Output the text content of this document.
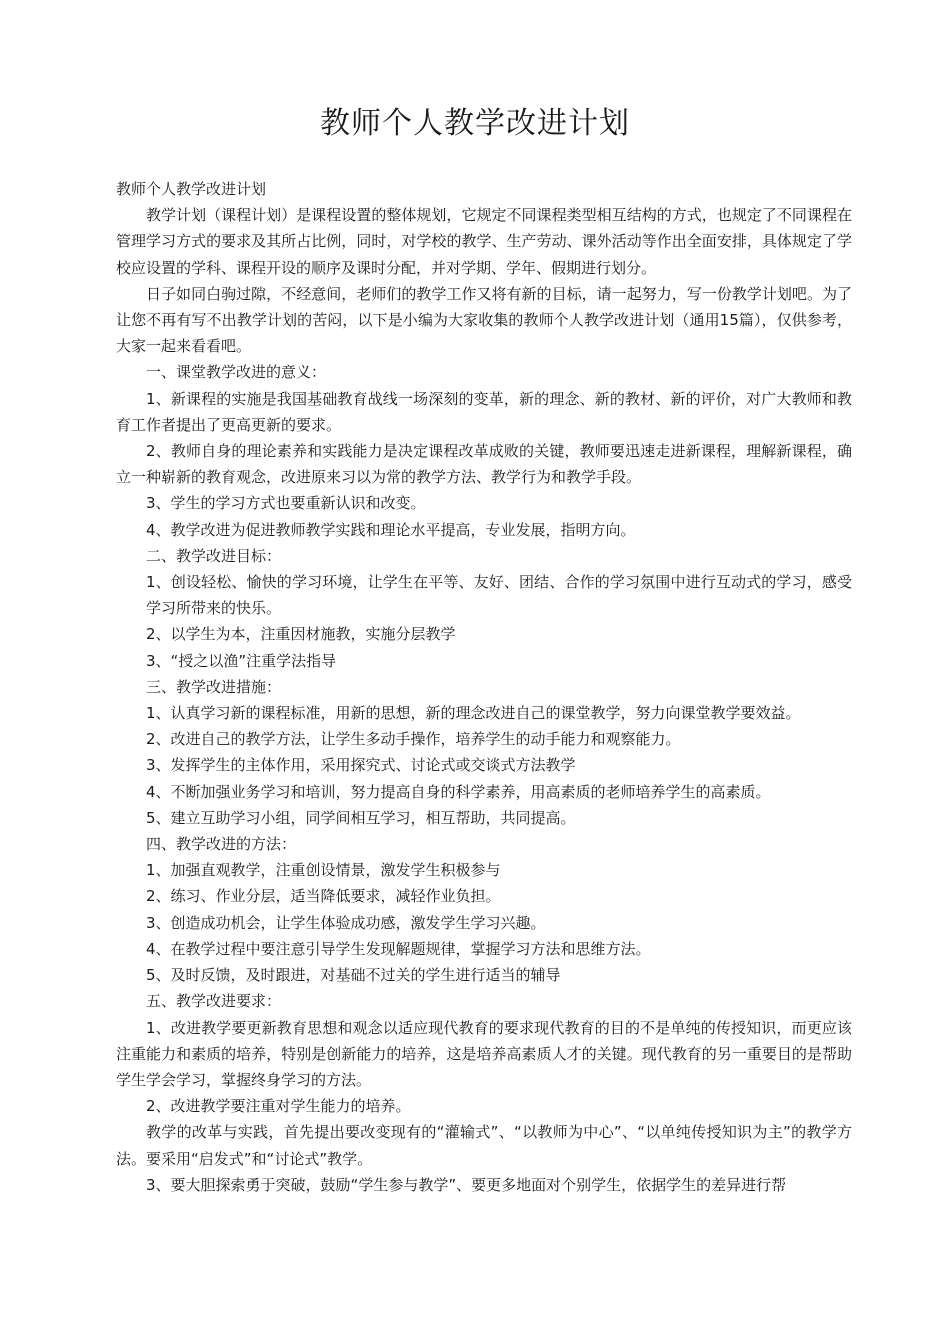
教师个人教学改进计划

教师个人教学改进计划

教学计划（课程计划）是课程设置的整体规划，它规定不同课程类型相互结构的方式，也规定了不同课程在管理学习方式的要求及其所占比例，同时，对学校的教学、生产劳动、课外活动等作出全面安排，具体规定了学校应设置的学科、课程开设的顺序及课时分配，并对学期、学年、假期进行划分。

日子如同白驹过隙，不经意间，老师们的教学工作又将有新的目标，请一起努力，写一份教学计划吧。为了让您不再有写不出教学计划的苦闷，以下是小编为大家收集的教师个人教学改进计划（通用15篇），仅供参考，大家一起来看看吧。

一、课堂教学改进的意义：

1、新课程的实施是我国基础教育战线一场深刻的变革，新的理念、新的教材、新的评价，对广大教师和教育工作者提出了更高更新的要求。

2、教师自身的理论素养和实践能力是决定课程改革成败的关键，教师要迅速走进新课程，理解新课程，确立一种崭新的教育观念，改进原来习以为常的教学方法、教学行为和教学手段。

3、学生的学习方式也要重新认识和改变。

4、教学改进为促进教师教学实践和理论水平提高，专业发展，指明方向。

二、教学改进目标：

1、创设轻松、愉快的学习环境，让学生在平等、友好、团结、合作的学习氛围中进行互动式的学习，感受学习所带来的快乐。

2、以学生为本，注重因材施教，实施分层教学

3、“授之以渔”注重学法指导

三、教学改进措施：

1、认真学习新的课程标准，用新的思想，新的理念改进自己的课堂教学，努力向课堂教学要效益。

2、改进自己的教学方法，让学生多动手操作，培养学生的动手能力和观察能力。

3、发挥学生的主体作用，采用探究式、讨论式或交谈式方法教学

4、不断加强业务学习和培训，努力提高自身的科学素养，用高素质的老师培养学生的高素质。

5、建立互助学习小组，同学间相互学习，相互帮助，共同提高。

四、教学改进的方法：

1、加强直观教学，注重创设情景，激发学生积极参与

2、练习、作业分层，适当降低要求，减轻作业负担。

3、创造成功机会，让学生体验成功感，激发学生学习兴趣。

4、在教学过程中要注意引导学生发现解题规律，掌握学习方法和思维方法。

5、及时反馈，及时跟进，对基础不过关的学生进行适当的辅导

五、教学改进要求：

1、改进教学要更新教育思想和观念以适应现代教育的要求现代教育的目的不是单纯的传授知识，而更应该注重能力和素质的培养，特别是创新能力的培养，这是培养高素质人才的关键。现代教育的另一重要目的是帮助学生学会学习，掌握终身学习的方法。

2、改进教学要注重对学生能力的培养。

教学的改革与实践，首先提出要改变现有的“灌输式”、“以教师为中心”、“以单纯传授知识为主”的教学方法。要采用“启发式”和“讨论式”教学。

3、要大胆探索勇于突破，鼓励“学生参与教学”、要更多地面对个别学生，依据学生的差异进行帮
